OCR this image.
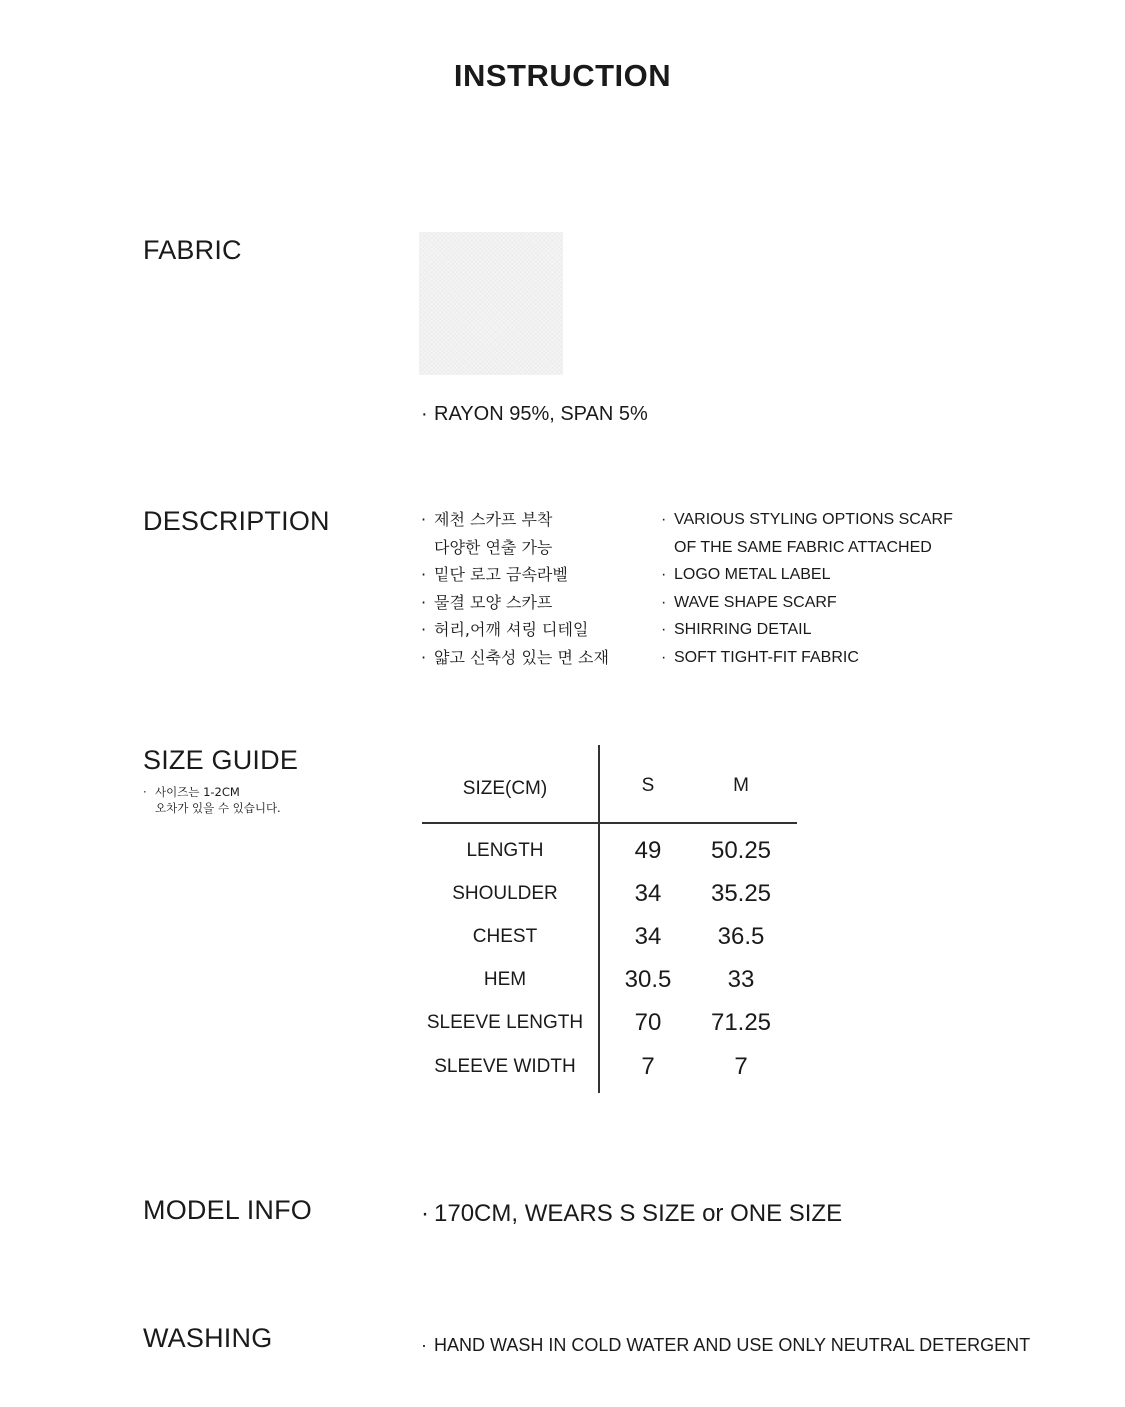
INSTRUCTION
FABRIC
· RAYON 95%, SPAN 5%
DESCRIPTION	· 제천 스카프 부착
다양한 연출 가능
· 밑단 로고 금속라벨
· 물결 모양 스카프
· 허리,어깨 셔링 디테일
· 얇고 신축성 있는 면 소재
· VARIOUS STYLING OPTIONS SCARF
OF THE SAME FABRIC ATTACHED
· LOGO METAL LABEL
· WAVE SHAPE SCARF
· SHIRRING DETAIL
· SOFT TIGHT-FIT FABRIC
SIZE GUIDE
· 사이즈는 1-2CM
오차가 있을 수 있습니다.
SIZE(CM)	S	M
LENGTH	49	50.25
SHOULDER	34	35.25
CHEST	34	36.5
HEM	30.5	33
SLEEVE LENGTH	70	71.25
SLEEVE WIDTH	7	7
MODEL INFO	· 170CM, WEARS S SIZE or ONE SIZE
WASHING	· HAND WASH IN COLD WATER AND USE ONLY NEUTRAL DETERGENT
